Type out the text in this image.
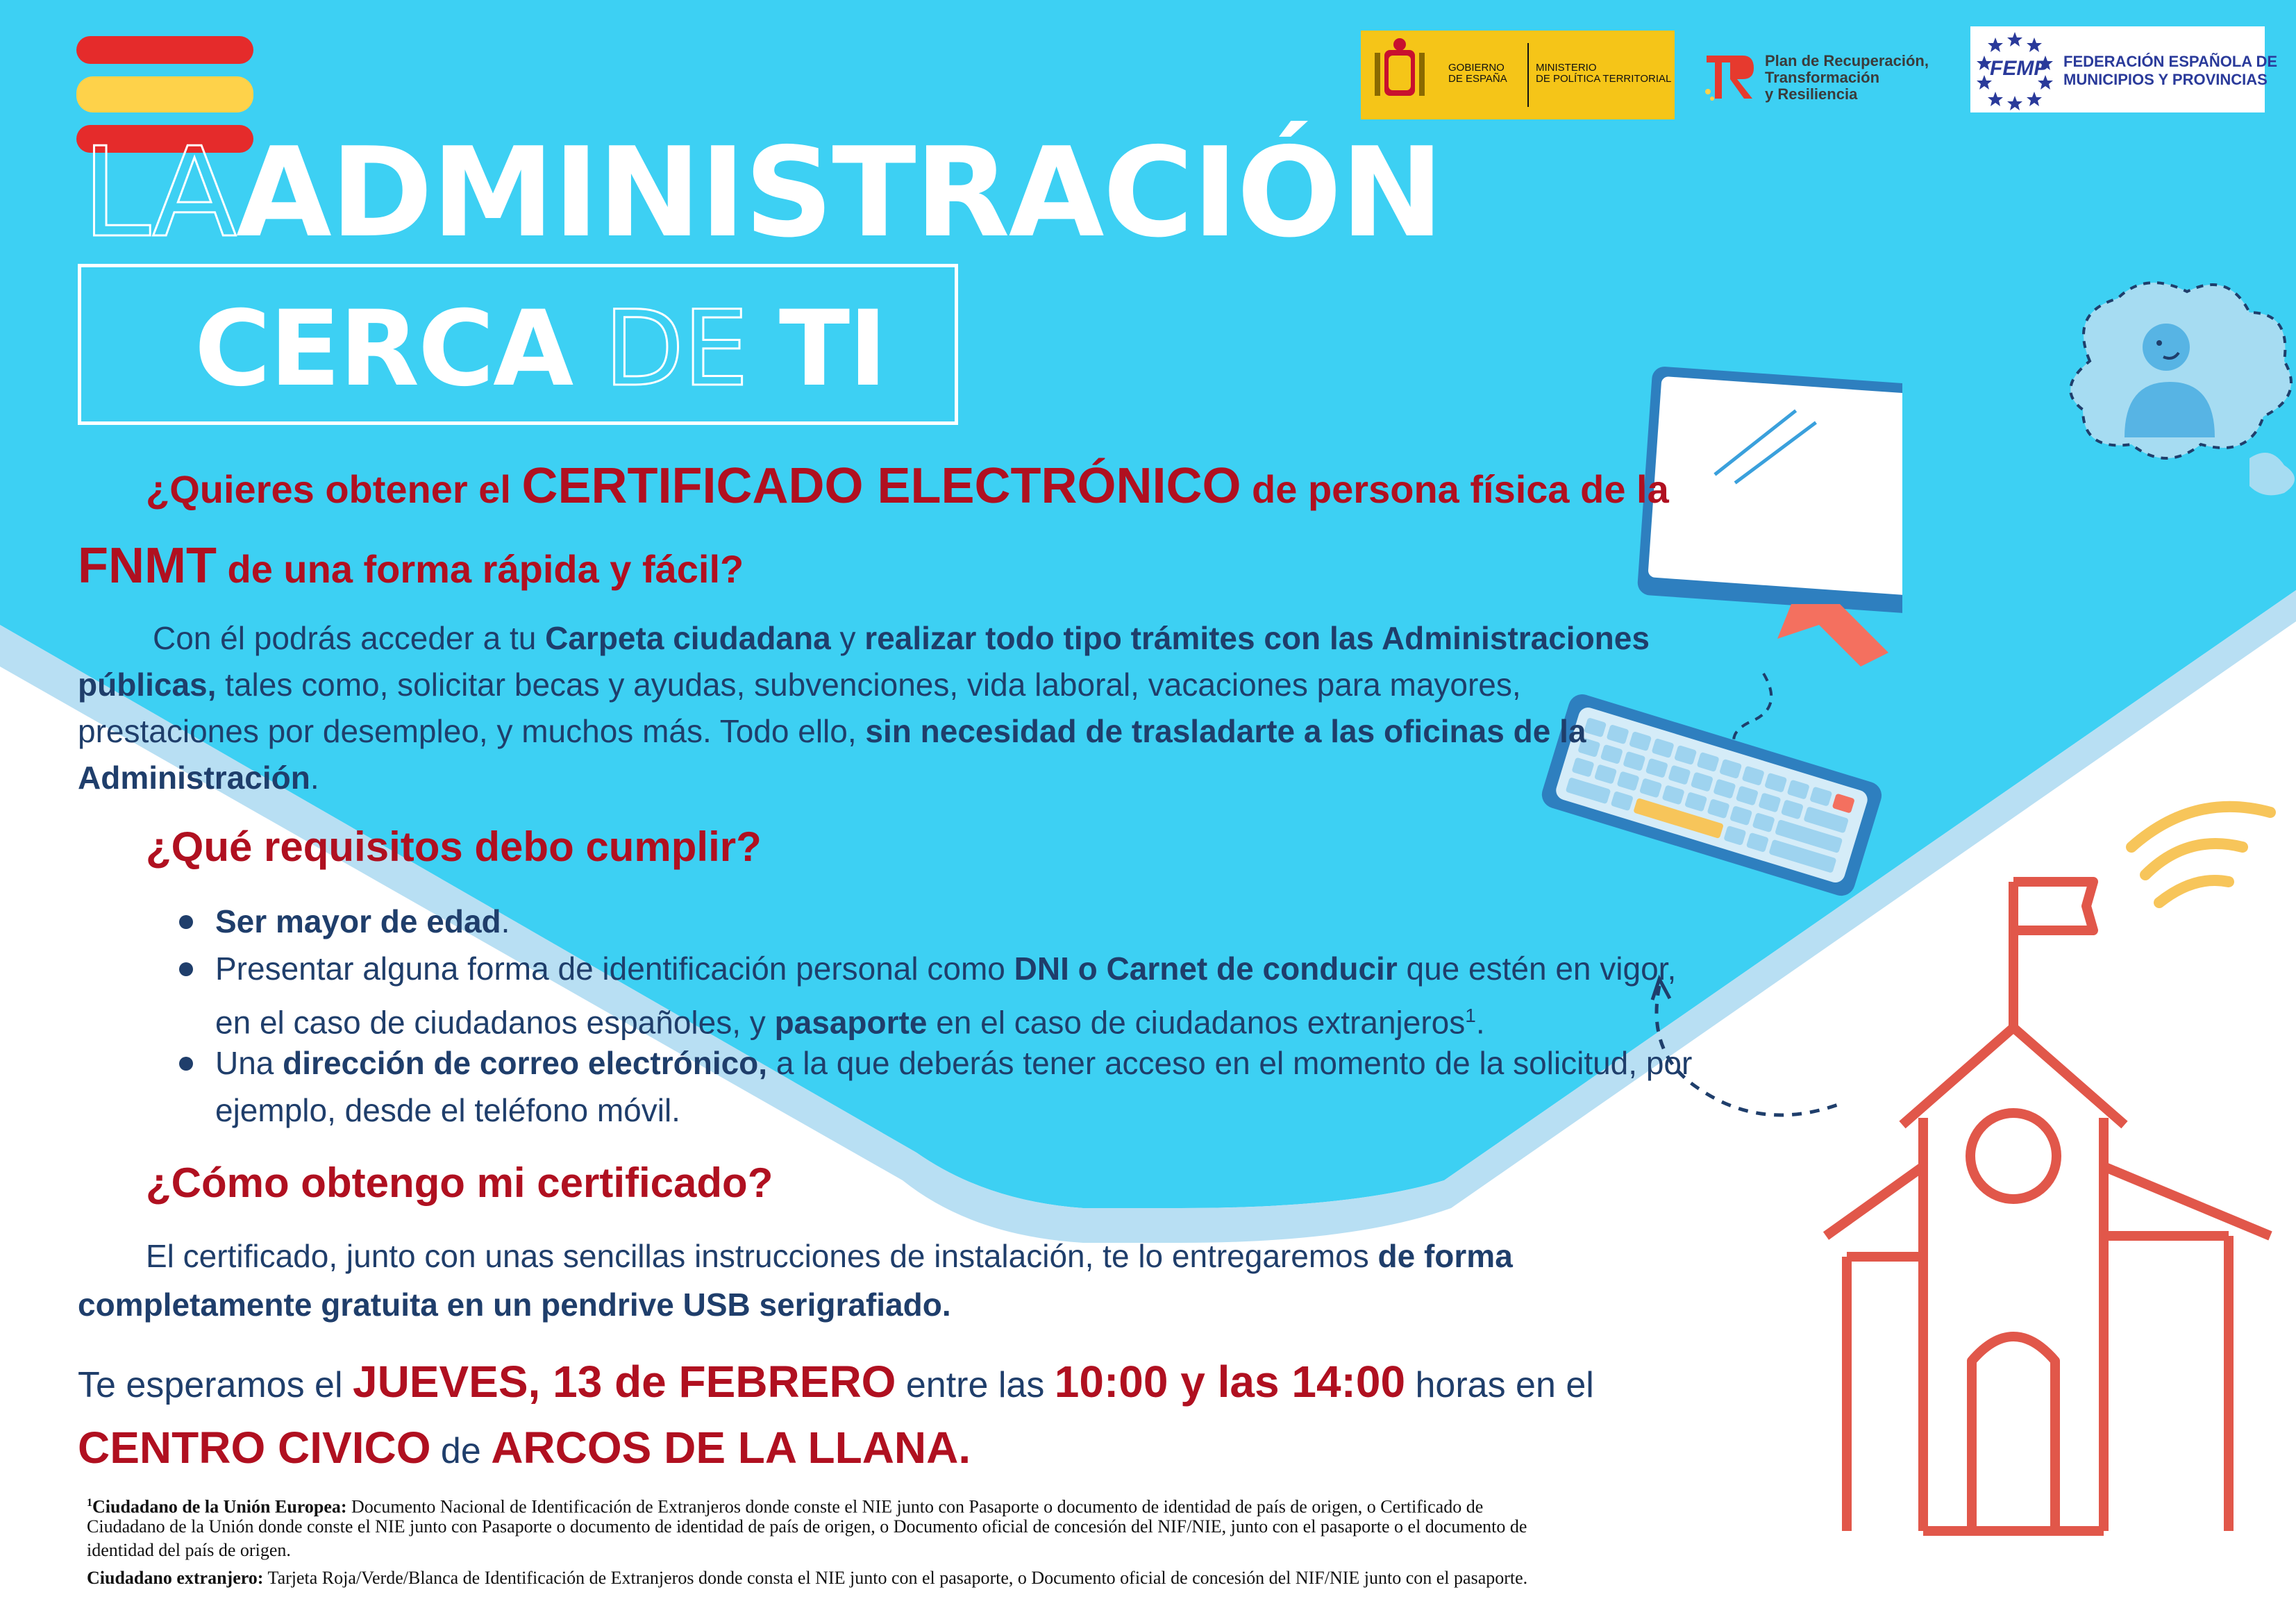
GOBIERNO
DE ESPAÑA
MINISTERIO
DE POLÍTICA TERRITORIAL
Plan de Recuperación,
Transformación
y Resiliencia
FEMP FEDERACIÓN ESPAÑOLA DE
MUNICIPIOS Y PROVINCIAS
LA ADMINISTRACIÓN
CERCA DE TI
¿Quieres obtener el CERTIFICADO ELECTRÓNICO de persona física de la
FNMT de una forma rápida y fácil?
Con él podrás acceder a tu Carpeta ciudadana y realizar todo tipo trámites con las Administraciones
públicas, tales como, solicitar becas y ayudas, subvenciones, vida laboral, vacaciones para mayores,
prestaciones por desempleo, y muchos más. Todo ello, sin necesidad de trasladarte a las oficinas de la
Administración.
¿Qué requisitos debo cumplir?
Ser mayor de edad.
Presentar alguna forma de identificación personal como DNI o Carnet de conducir que estén en vigor,
en el caso de ciudadanos españoles, y pasaporte en el caso de ciudadanos extranjeros$^1$.
Una dirección de correo electrónico, a la que deberás tener acceso en el momento de la solicitud, por
ejemplo, desde el teléfono móvil.
¿Cómo obtengo mi certificado?
El certificado, junto con unas sencillas instrucciones de instalación, te lo entregaremos de forma
completamente gratuita en un pendrive USB serigrafiado.
Te esperamos el JUEVES, 13 de FEBRERO entre las 10:00 y las 14:00 horas en el
CENTRO CIVICO de ARCOS DE LA LLANA.
$^1$Ciudadano de la Unión Europea: Documento Nacional de Identificación de Extranjeros donde conste el NIE junto con Pasaporte o documento de identidad de país de origen, o Certificado de
Ciudadano de la Unión donde conste el NIE junto con Pasaporte o documento de identidad de país de origen, o Documento oficial de concesión del NIF/NIE, junto con el pasaporte o el documento de
identidad del país de origen.
Ciudadano extranjero: Tarjeta Roja/Verde/Blanca de Identificación de Extranjeros donde consta el NIE junto con el pasaporte, o Documento oficial de concesión del NIF/NIE junto con el pasaporte.
